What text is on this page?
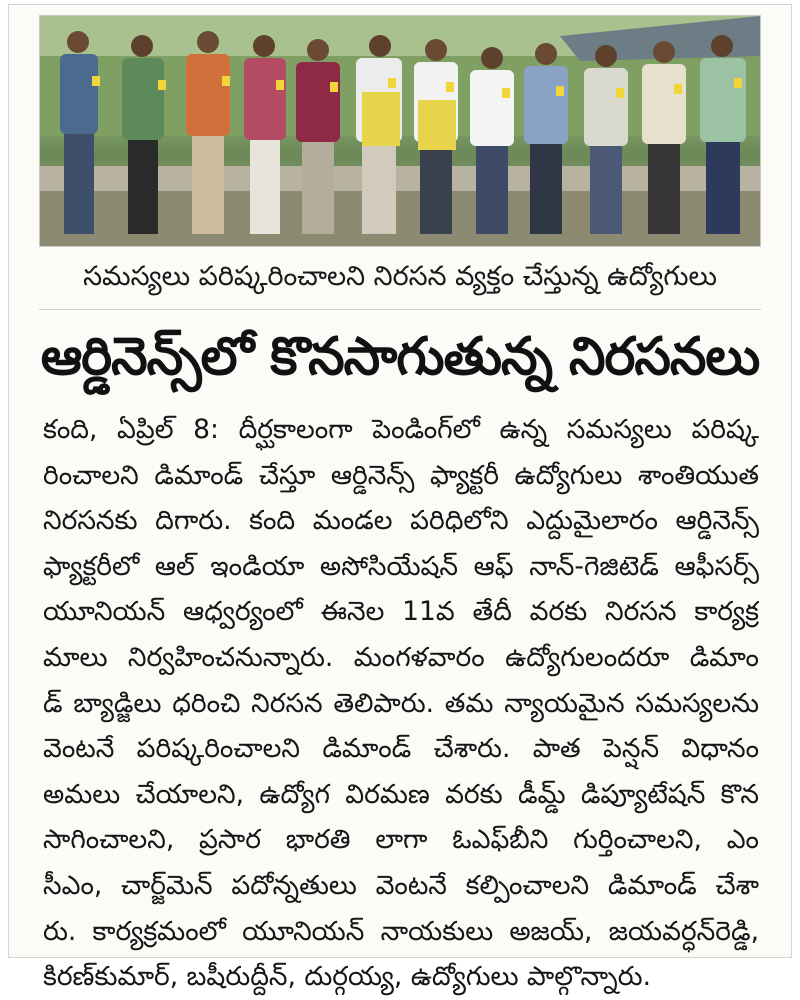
సమస్యలు పరిష్కరించాలని నిరసన వ్యక్తం చేస్తున్న ఉద్యోగులు
ఆర్డినెన్స్‌లో కొనసాగుతున్న నిరసనలు
కంది, ఏప్రిల్ 8: దీర్ఘకాలంగా పెండింగ్‌లో ఉన్న సమస్యలు పరిష్క
రించాలని డిమాండ్ చేస్తూ ఆర్డినెన్స్ ఫ్యాక్టరీ ఉద్యోగులు శాంతియుత
నిరసనకు దిగారు. కంది మండల పరిధిలోని ఎద్దుమైలారం ఆర్డినెన్స్
ఫ్యాక్టరీలో ఆల్ ఇండియా అసోసియేషన్ ఆఫ్ నాన్-గెజిటెడ్ ఆఫీసర్స్
యూనియన్ ఆధ్వర్యంలో ఈనెల 11వ తేదీ వరకు నిరసన కార్యక్ర
మాలు నిర్వహించనున్నారు. మంగళవారం ఉద్యోగులందరూ డిమాం
డ్ బ్యాడ్జిలు ధరించి నిరసన తెలిపారు. తమ న్యాయమైన సమస్యలను
వెంటనే పరిష్కరించాలని డిమాండ్ చేశారు. పాత పెన్షన్ విధానం
అమలు చేయాలని, ఉద్యోగ విరమణ వరకు డీమ్డ్ డిప్యూటేషన్ కొన
సాగించాలని, ప్రసార భారతి లాగా ఓఎఫ్‌బీని గుర్తించాలని, ఎం
సీఎం, చార్జ్‌మెన్ పదోన్నతులు వెంటనే కల్పించాలని డిమాండ్ చేశా
రు. కార్యక్రమంలో యూనియన్ నాయకులు అజయ్, జయవర్ధన్‌రెడ్డి,
కిరణ్‌కుమార్, బషీరుద్దీన్, దుర్గయ్య, ఉద్యోగులు పాల్గొన్నారు.
